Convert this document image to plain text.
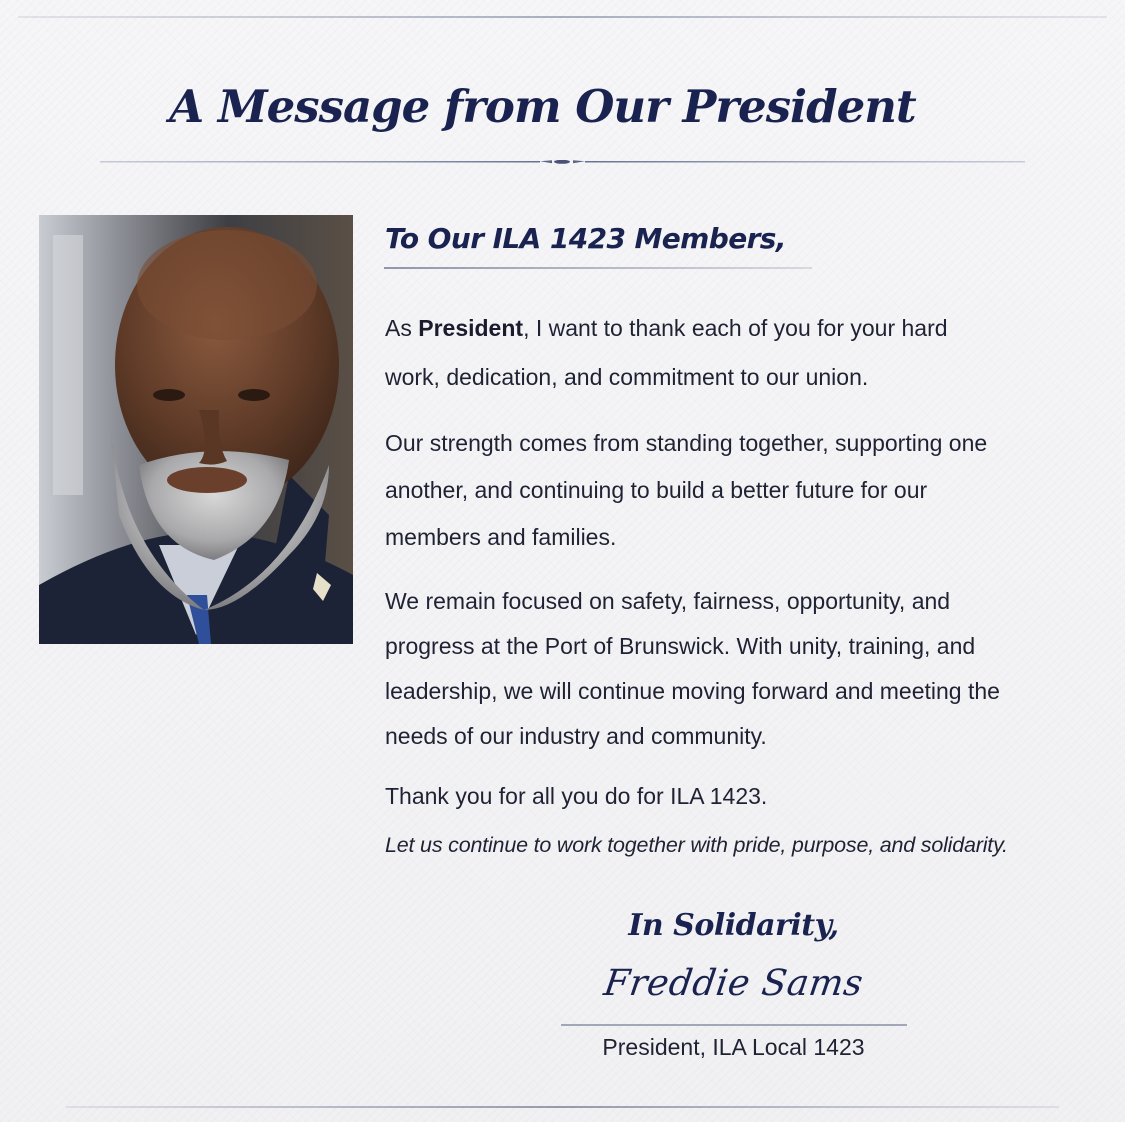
A Message from Our President
To Our ILA 1423 Members,

As President, I want to thank each of you for your hard
work, dedication, and commitment to our union.

Our strength comes from standing together, supporting one
another, and continuing to build a better future for our
members and families.

We remain focused on safety, fairness, opportunity, and
progress at the Port of Brunswick. With unity, training, and
leadership, we will continue moving forward and meeting the
needs of our industry and community.

Thank you for all you do for ILA 1423.

Let us continue to work together with pride, purpose, and solidarity.

In Solidarity,

Freddie Sams

President, ILA Local 1423
